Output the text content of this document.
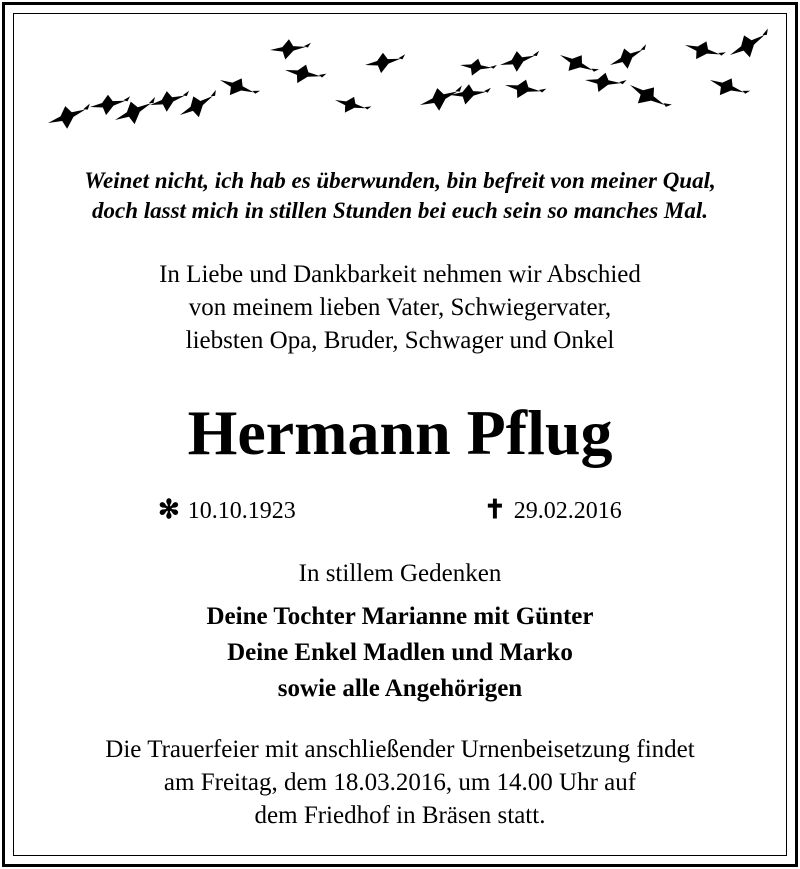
Weinet nicht, ich hab es überwunden, bin befreit von meiner Qual,
doch lasst mich in stillen Stunden bei euch sein so manches Mal.
In Liebe und Dankbarkeit nehmen wir Abschied
von meinem lieben Vater, Schwiegervater,
liebsten Opa, Bruder, Schwager und Onkel
Hermann Pflug
✻ 10.10.1923	✝ 29.02.2016
In stillem Gedenken
Deine Tochter Marianne mit Günter
Deine Enkel Madlen und Marko
sowie alle Angehörigen
Die Trauerfeier mit anschließender Urnenbeisetzung findet
am Freitag, dem 18.03.2016, um 14.00 Uhr auf
dem Friedhof in Bräsen statt.
